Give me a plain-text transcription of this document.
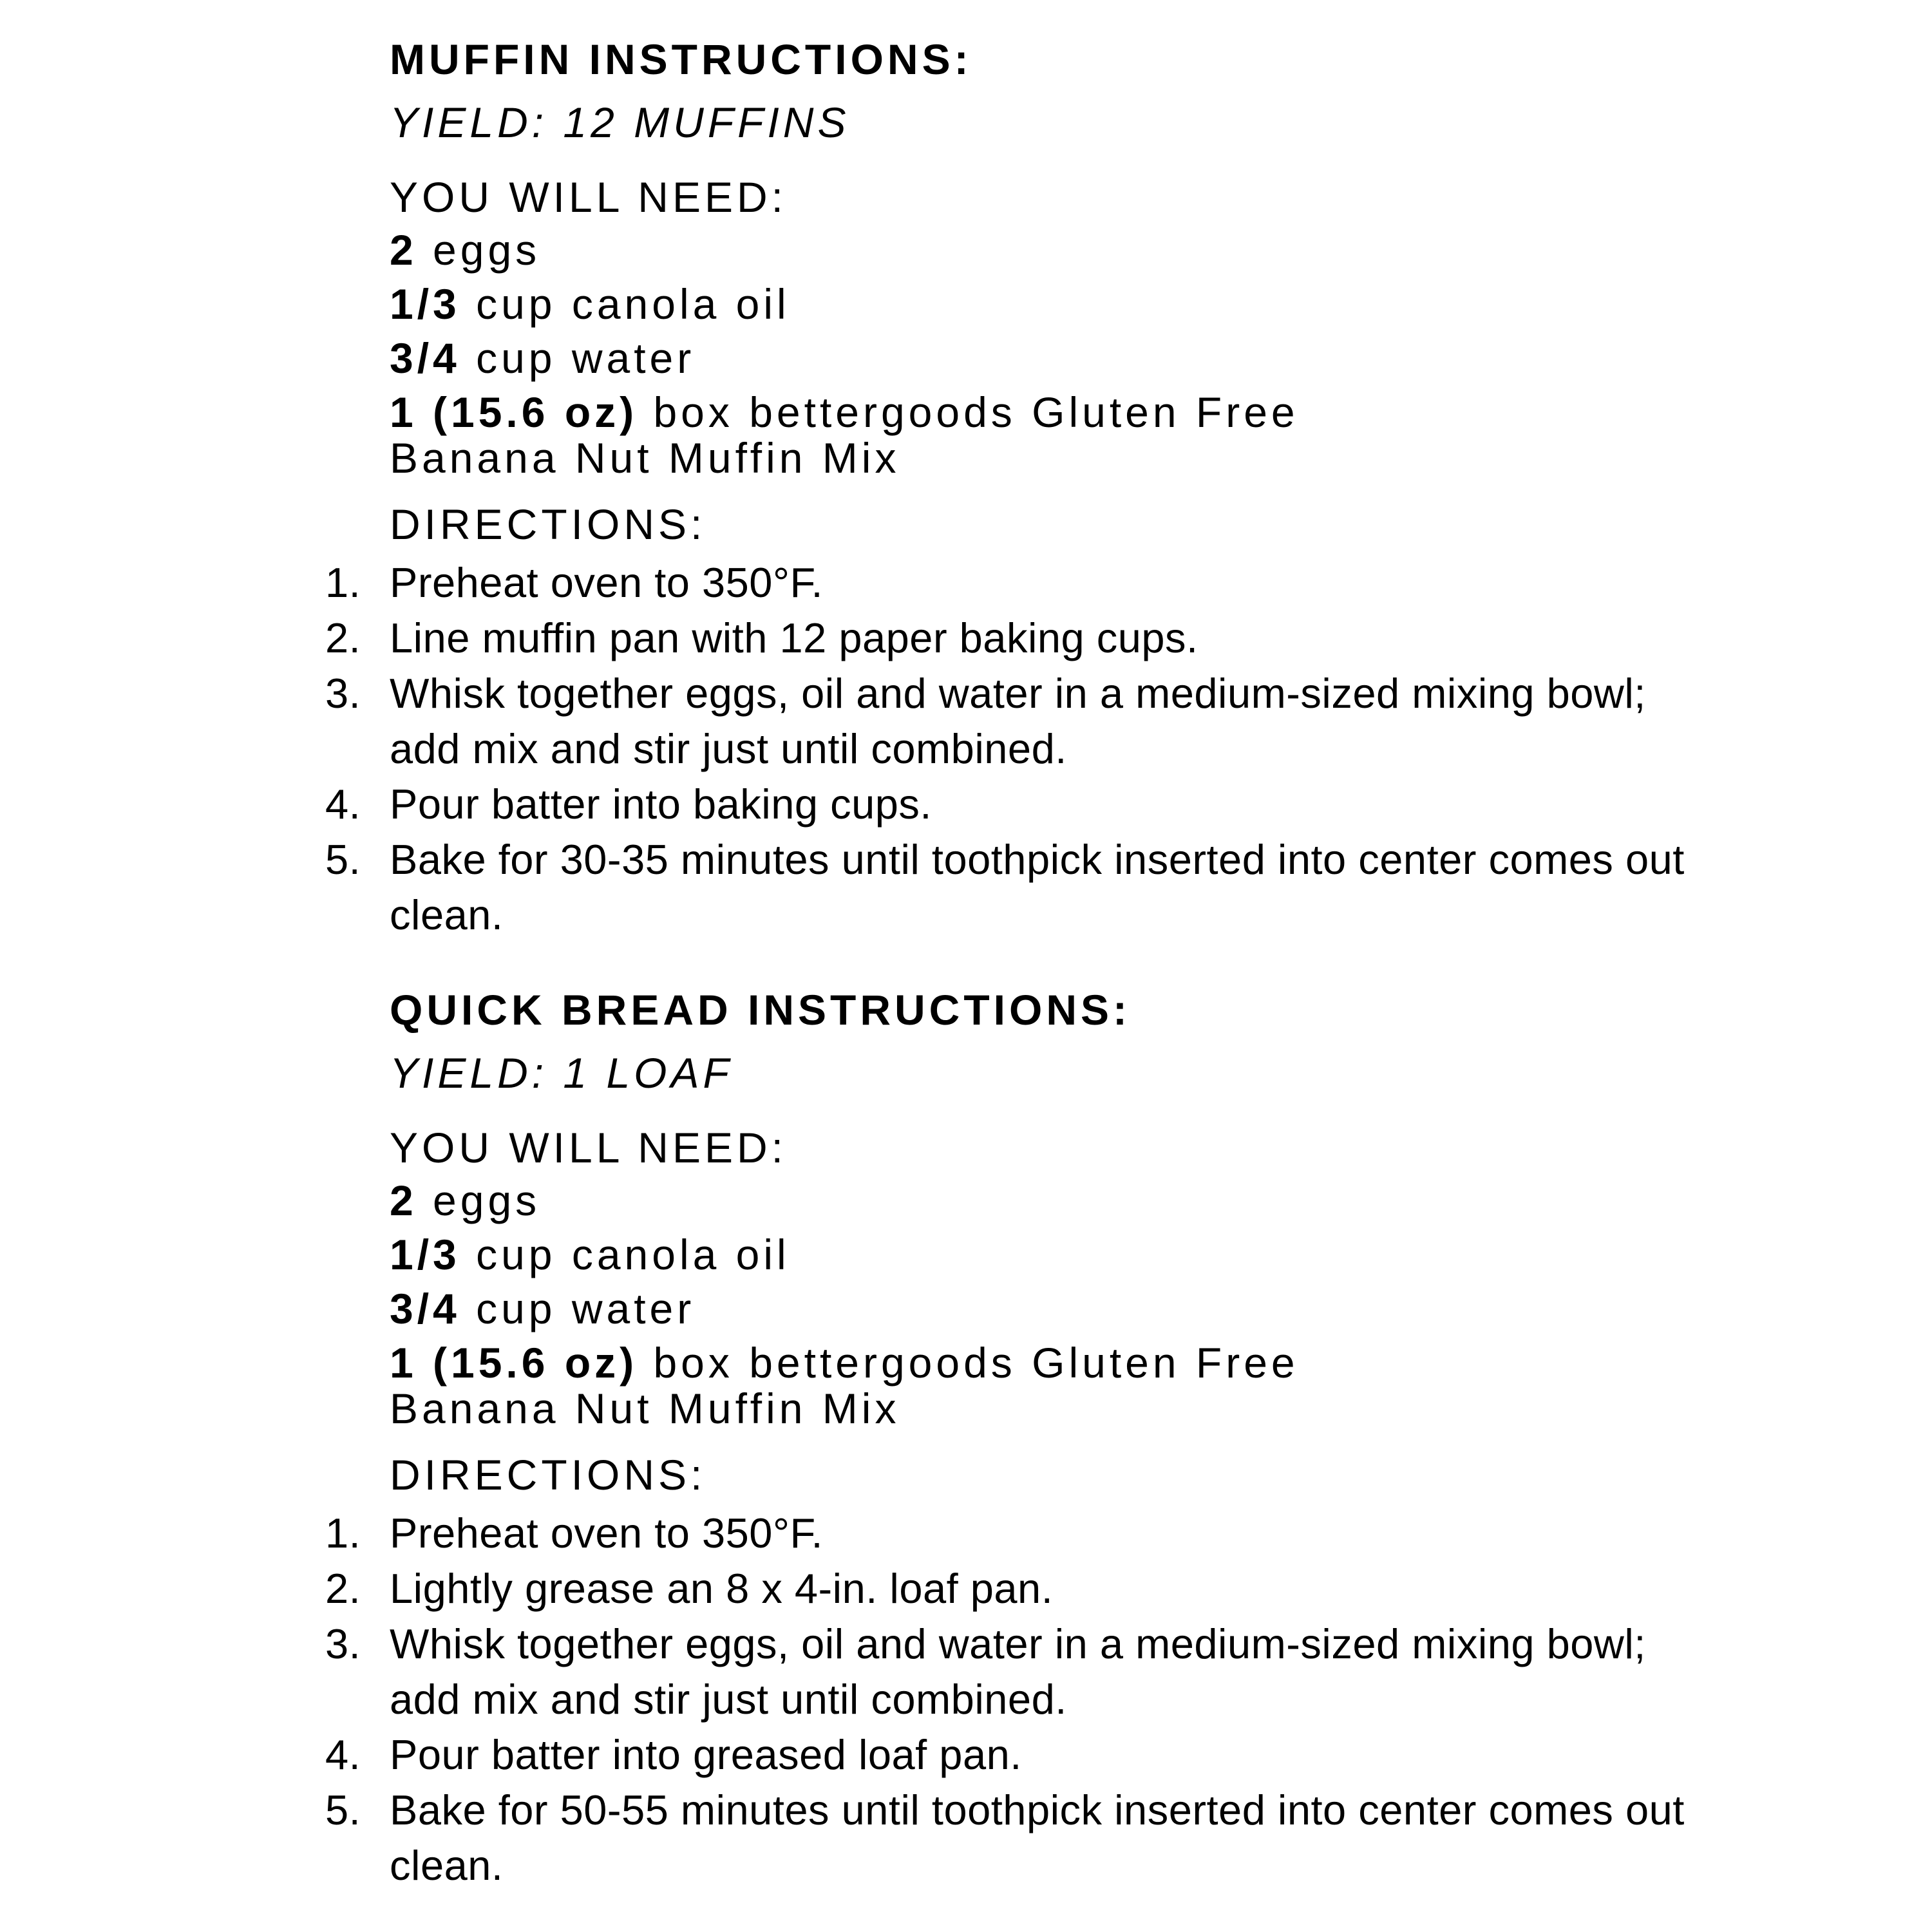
MUFFIN INSTRUCTIONS:
YIELD: 12 MUFFINS
YOU WILL NEED:
2 eggs
1/3 cup canola oil
3/4 cup water
1 (15.6 oz) box bettergoods Gluten Free
Banana Nut Muffin Mix
DIRECTIONS:
1. Preheat oven to 350°F.
2. Line muffin pan with 12 paper baking cups.
3. Whisk together eggs, oil and water in a medium-sized mixing bowl; add mix and stir just until combined.
4. Pour batter into baking cups.
5. Bake for 30-35 minutes until toothpick inserted into center comes out clean.
QUICK BREAD INSTRUCTIONS:
YIELD: 1 LOAF
YOU WILL NEED:
2 eggs
1/3 cup canola oil
3/4 cup water
1 (15.6 oz) box bettergoods Gluten Free
Banana Nut Muffin Mix
DIRECTIONS:
1. Preheat oven to 350°F.
2. Lightly grease an 8 x 4-in. loaf pan.
3. Whisk together eggs, oil and water in a medium-sized mixing bowl; add mix and stir just until combined.
4. Pour batter into greased loaf pan.
5. Bake for 50-55 minutes until toothpick inserted into center comes out clean.
